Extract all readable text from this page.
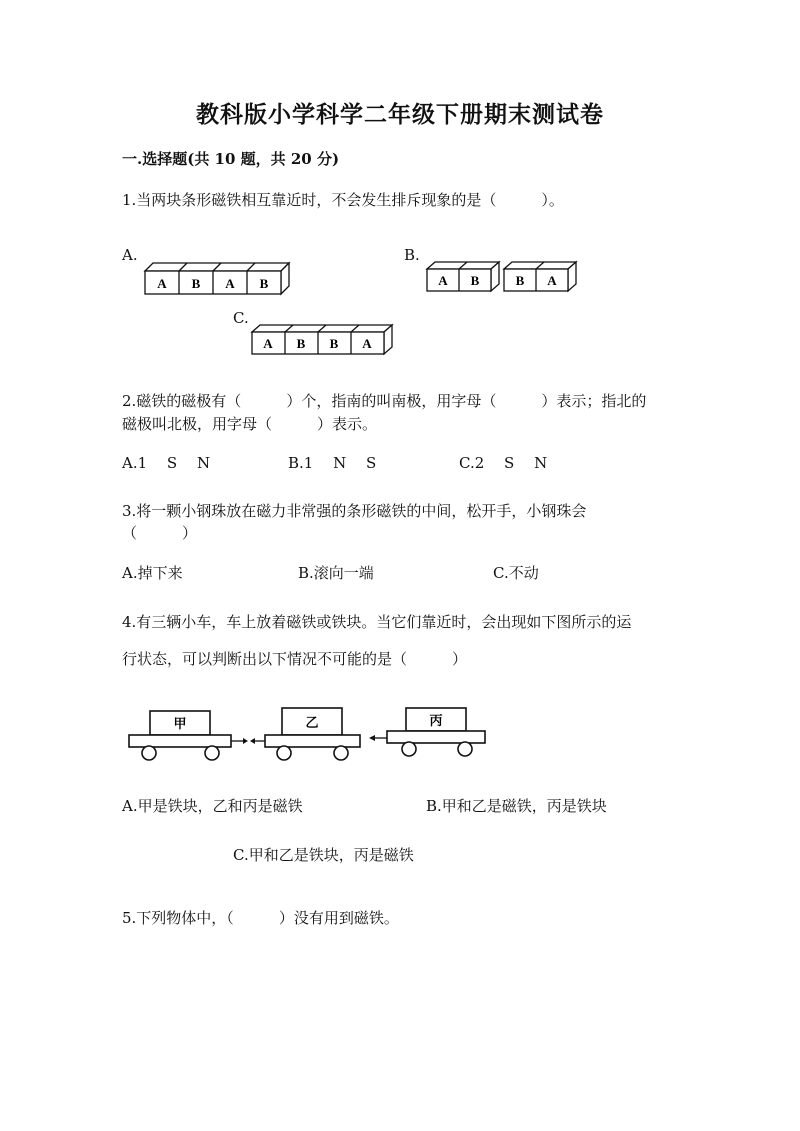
教科版小学科学二年级下册期末测试卷
一.选择题(共 10 题，共 20 分)
1.当两块条形磁铁相互靠近时，不会发生排斥现象的是（　　　）。
A.	B.
C.
A B A B	A B	B A
A B B A
2.磁铁的磁极有（　　　）个，指南的叫南极，用字母（　　　）表示；指北的
磁极叫北极，用字母（　　　）表示。
A.1　 S　 N	B.1　 N　 S	C.2　 S　 N
3.将一颗小钢珠放在磁力非常强的条形磁铁的中间，松开手，小钢珠会
（　　　）
A.掉下来	B.滚向一端	C.不动
4.有三辆小车，车上放着磁铁或铁块。当它们靠近时，会出现如下图所示的运
行状态，可以判断出以下情况不可能的是（　　　）
甲	乙	丙
A.甲是铁块，乙和丙是磁铁	B.甲和乙是磁铁，丙是铁块
C.甲和乙是铁块，丙是磁铁
5.下列物体中，（　　　）没有用到磁铁。
